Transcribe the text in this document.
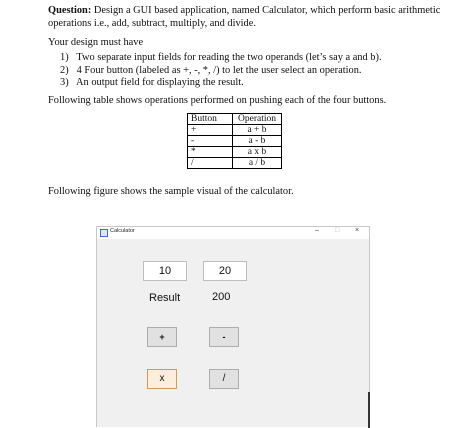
Question: Design a GUI based application, named Calculator, which perform basic arithmetic operations i.e., add, subtract, multiply, and divide.
Your design must have
1) Two separate input fields for reading the two operands (let’s say a and b).
2) 4 Four button (labeled as +, -, *, /) to let the user select an operation.
3) An output field for displaying the result.
Following table shows operations performed on pushing each of the four buttons.
Button	Operation
+	a + b
-	a - b
*	a x b
/	a / b
Following figure shows the sample visual of the calculator.
Calculator	– □ ×
10	20
Result	200
+	-
x	/
